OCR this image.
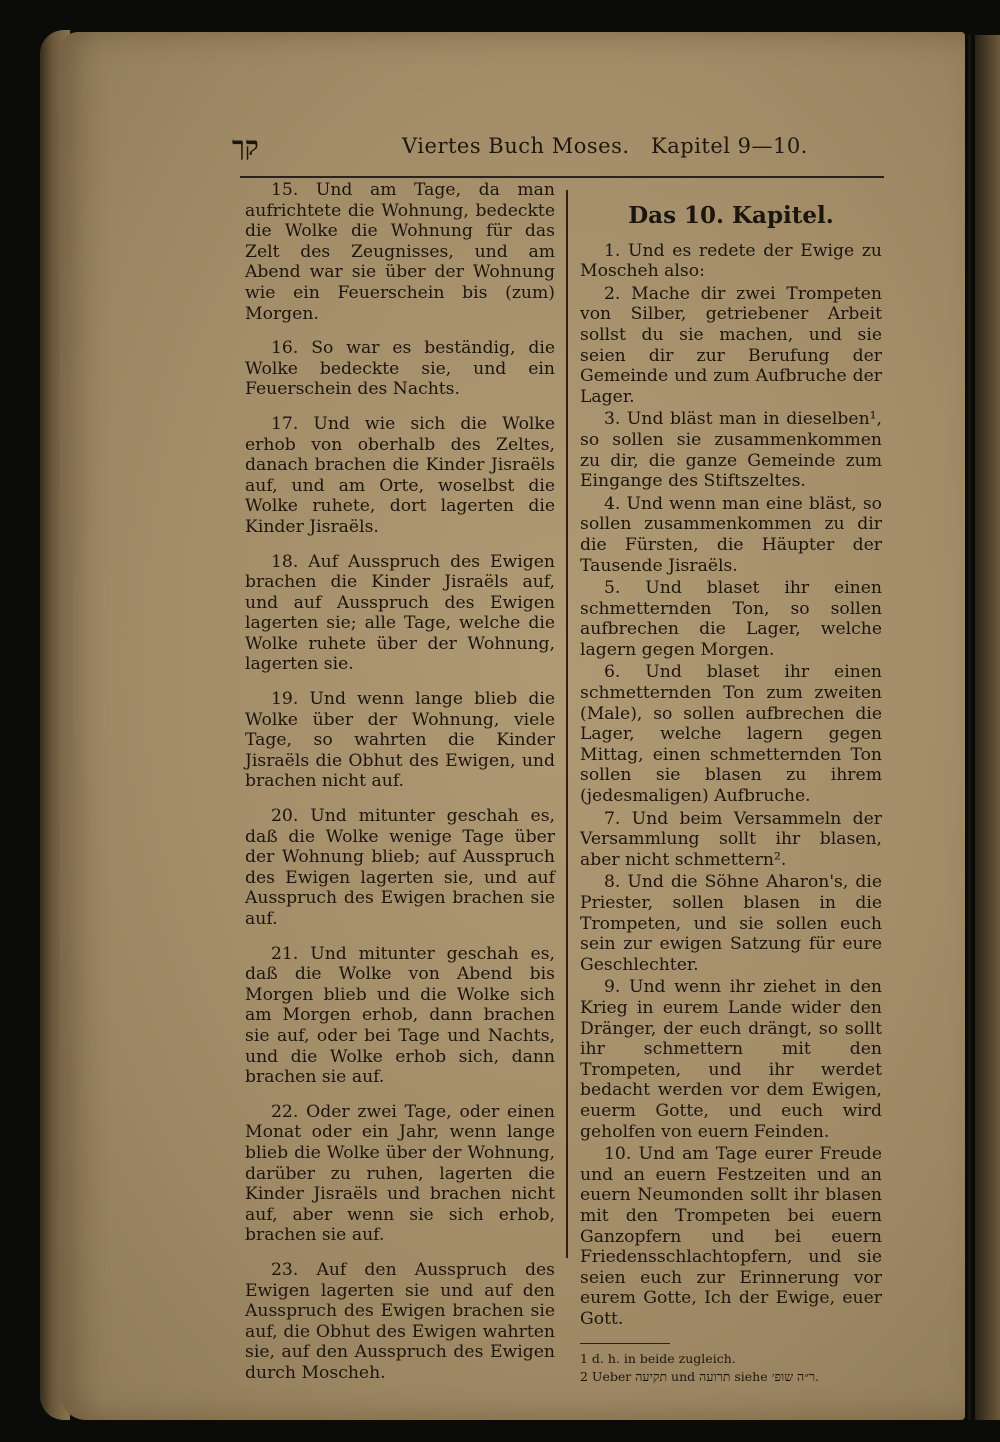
קך	Viertes Buch Moses.   Kapitel 9—10.

15. Und am Tage, da man aufrichtete die Wohnung, bedeckte die Wolke die Wohnung für das Zelt des Zeugnisses, und am Abend war sie über der Wohnung wie ein Feuerschein bis (zum) Morgen.

16. So war es beständig, die Wolke bedeckte sie, und ein Feuerschein des Nachts.

17. Und wie sich die Wolke erhob von oberhalb des Zeltes, danach brachen die Kinder Jisraëls auf, und am Orte, woselbst die Wolke ruhete, dort lagerten die Kinder Jisraëls.

18. Auf Ausspruch des Ewigen brachen die Kinder Jisraëls auf, und auf Ausspruch des Ewigen lagerten sie; alle Tage, welche die Wolke ruhete über der Wohnung, lagerten sie.

19. Und wenn lange blieb die Wolke über der Wohnung, viele Tage, so wahrten die Kinder Jisraëls die Obhut des Ewigen, und brachen nicht auf.

20. Und mitunter geschah es, daß die Wolke wenige Tage über der Wohnung blieb; auf Ausspruch des Ewigen lagerten sie, und auf Ausspruch des Ewigen brachen sie auf.

21. Und mitunter geschah es, daß die Wolke von Abend bis Morgen blieb und die Wolke sich am Morgen erhob, dann brachen sie auf, oder bei Tage und Nachts, und die Wolke erhob sich, dann brachen sie auf.

22. Oder zwei Tage, oder einen Monat oder ein Jahr, wenn lange blieb die Wolke über der Wohnung, darüber zu ruhen, lagerten die Kinder Jisraëls und brachen nicht auf, aber wenn sie sich erhob, brachen sie auf.

23. Auf den Ausspruch des Ewigen lagerten sie und auf den Ausspruch des Ewigen brachen sie auf, die Obhut des Ewigen wahrten sie, auf den Ausspruch des Ewigen durch Moscheh.

Das 10. Kapitel.

1. Und es redete der Ewige zu Moscheh also:

2. Mache dir zwei Trompeten von Silber, getriebener Arbeit sollst du sie machen, und sie seien dir zur Berufung der Gemeinde und zum Aufbruche der Lager.

3. Und bläst man in dieselben¹, so sollen sie zusammenkommen zu dir, die ganze Gemeinde zum Eingange des Stiftszeltes.

4. Und wenn man eine bläst, so sollen zusammenkommen zu dir die Fürsten, die Häupter der Tausende Jisraëls.

5. Und blaset ihr einen schmetternden Ton, so sollen aufbrechen die Lager, welche lagern gegen Morgen.

6. Und blaset ihr einen schmetternden Ton zum zweiten (Male), so sollen aufbrechen die Lager, welche lagern gegen Mittag, einen schmetternden Ton sollen sie blasen zu ihrem (jedesmaligen) Aufbruche.

7. Und beim Versammeln der Versammlung sollt ihr blasen, aber nicht schmettern².

8. Und die Söhne Aharon's, die Priester, sollen blasen in die Trompeten, und sie sollen euch sein zur ewigen Satzung für eure Geschlechter.

9. Und wenn ihr ziehet in den Krieg in eurem Lande wider den Dränger, der euch drängt, so sollt ihr schmettern mit den Trompeten, und ihr werdet bedacht werden vor dem Ewigen, euerm Gotte, und euch wird geholfen von euern Feinden.

10. Und am Tage eurer Freude und an euern Festzeiten und an euern Neumonden sollt ihr blasen mit den Trompeten bei euern Ganzopfern und bei euern Friedensschlachtopfern, und sie seien euch zur Erinnerung vor eurem Gotte, Ich der Ewige, euer Gott.

1 d. h. in beide zugleich.
2 Ueber תקיעה und תרועה siehe ר״ה שופ׳.
